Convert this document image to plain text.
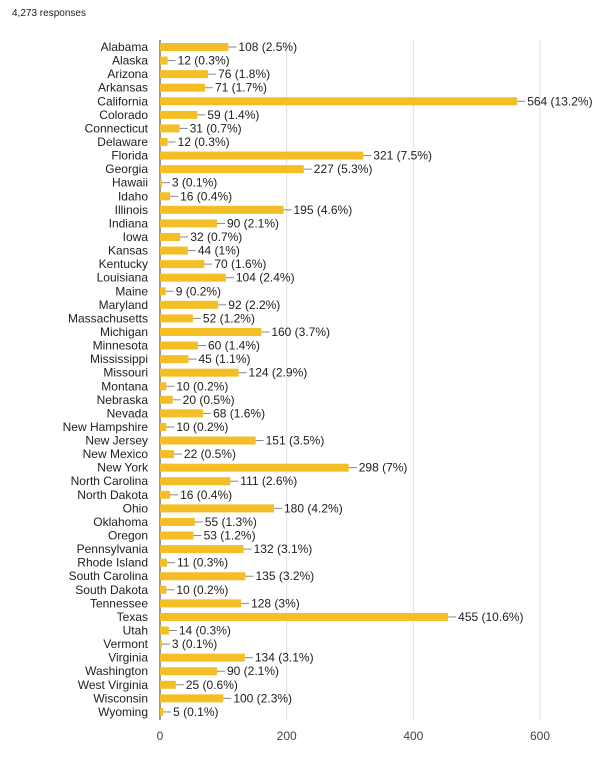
4,273 responses
0	200	400	600
Alabama	108 (2.5%)
Alaska 12 (0.3%)
Arizona	76 (1.8%)
Arkansas	71 (1.7%)
California	564 (13.2%)
Colorado	59 (1.4%)
Connecticut	31 (0.7%)
Delaware 12 (0.3%)
Florida	321 (7.5%)
Georgia	227 (5.3%)
Hawaii 3 (0.1%)
Idaho	16 (0.4%)
Illinois	195 (4.6%)
Indiana	90 (2.1%)
Iowa	32 (0.7%)
Kansas	44 (1%)
Kentucky	70 (1.6%)
Louisiana	104 (2.4%)
Maine 9 (0.2%)
Maryland	92 (2.2%)
Massachusetts	52 (1.2%)
Michigan	160 (3.7%)
Minnesota	60 (1.4%)
Mississippi	45 (1.1%)
Missouri	124 (2.9%)
Montana 10 (0.2%)
Nebraska	20 (0.5%)
Nevada	68 (1.6%)
New Hampshire 10 (0.2%)
New Jersey	151 (3.5%)
New Mexico	22 (0.5%)
New York	298 (7%)
North Carolina	111 (2.6%)
North Dakota	16 (0.4%)
Ohio	180 (4.2%)
Oklahoma	55 (1.3%)
Oregon	53 (1.2%)
Pennsylvania	132 (3.1%)
Rhode Island 11 (0.3%)
South Carolina	135 (3.2%)
South Dakota 10 (0.2%)
Tennessee	128 (3%)
Texas	455 (10.6%)
Utah	14 (0.3%)
Vermont 3 (0.1%)
Virginia	134 (3.1%)
Washington	90 (2.1%)
West Virginia	25 (0.6%)
Wisconsin	100 (2.3%)
Wyoming 5 (0.1%)
